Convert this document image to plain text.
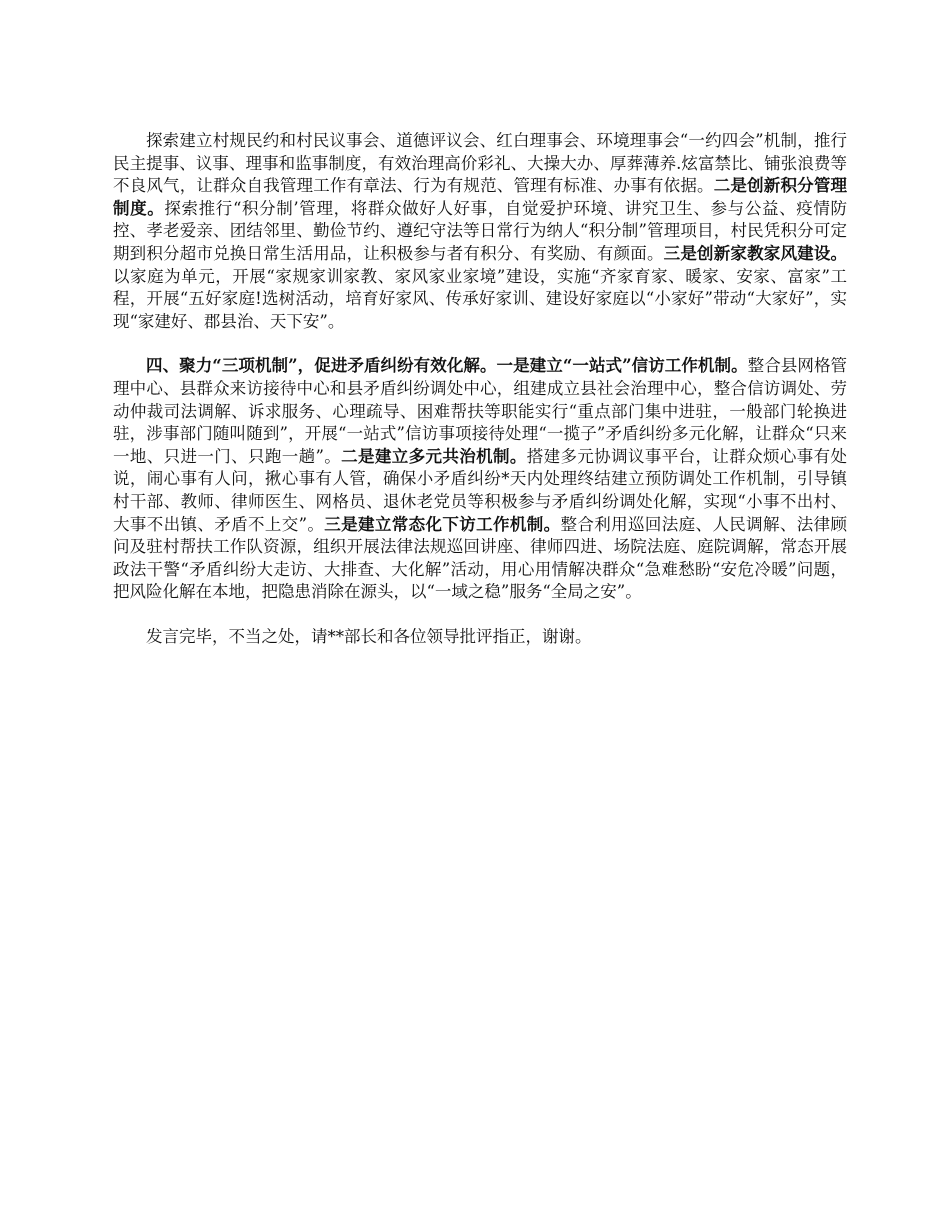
探索建立村规民约和村民议事会、道德评议会、红白理事会、环境理事会“一约四会”机制，推行民主提事、议事、理事和监事制度，有效治理高价彩礼、大操大办、厚葬薄养.炫富禁比、铺张浪费等不良风气，让群众自我管理工作有章法、行为有规范、管理有标准、办事有依据。二是创新积分管理制度。探索推行“积分制’管理，将群众做好人好事，自觉爱护环境、讲究卫生、参与公益、疫情防控、孝老爱亲、团结邻里、勤俭节约、遵纪守法等日常行为纳人“积分制”管理项目，村民凭积分可定期到积分超市兑换日常生活用品，让积极参与者有积分、有奖励、有颜面。三是创新家教家风建设。以家庭为单元，开展“家规家训家教、家风家业家境”建设，实施“齐家育家、暖家、安家、富家”工程，开展“五好家庭!选树活动，培育好家风、传承好家训、建设好家庭以“小家好”带动“大家好”，实现“家建好、郡县治、天下安”。

四、聚力“三项机制”，促进矛盾纠纷有效化解。一是建立“一站式”信访工作机制。整合县网格管理中心、县群众来访接待中心和县矛盾纠纷调处中心，组建成立县社会治理中心，整合信访调处、劳动仲裁司法调解、诉求服务、心理疏导、困难帮扶等职能实行“重点部门集中进驻，一般部门轮换进驻，涉事部门随叫随到”，开展“一站式”信访事项接待处理“一揽子”矛盾纠纷多元化解，让群众“只来一地、只进一门、只跑一趟”。二是建立多元共治机制。搭建多元协调议事平台，让群众烦心事有处说，闹心事有人问，揪心事有人管，确保小矛盾纠纷*天内处理终结建立预防调处工作机制，引导镇村干部、教师、律师医生、网格员、退休老党员等积极参与矛盾纠纷调处化解，实现“小事不出村、大事不出镇、矛盾不上交”。三是建立常态化下访工作机制。整合利用巡回法庭、人民调解、法律顾问及驻村帮扶工作队资源，组织开展法律法规巡回讲座、律师四进、场院法庭、庭院调解，常态开展政法干警“矛盾纠纷大走访、大排查、大化解”活动，用心用情解决群众“急难愁盼“安危冷暖”问题，把风险化解在本地，把隐患消除在源头，以“一域之稳”服务“全局之安”。

发言完毕，不当之处，请**部长和各位领导批评指正，谢谢。
